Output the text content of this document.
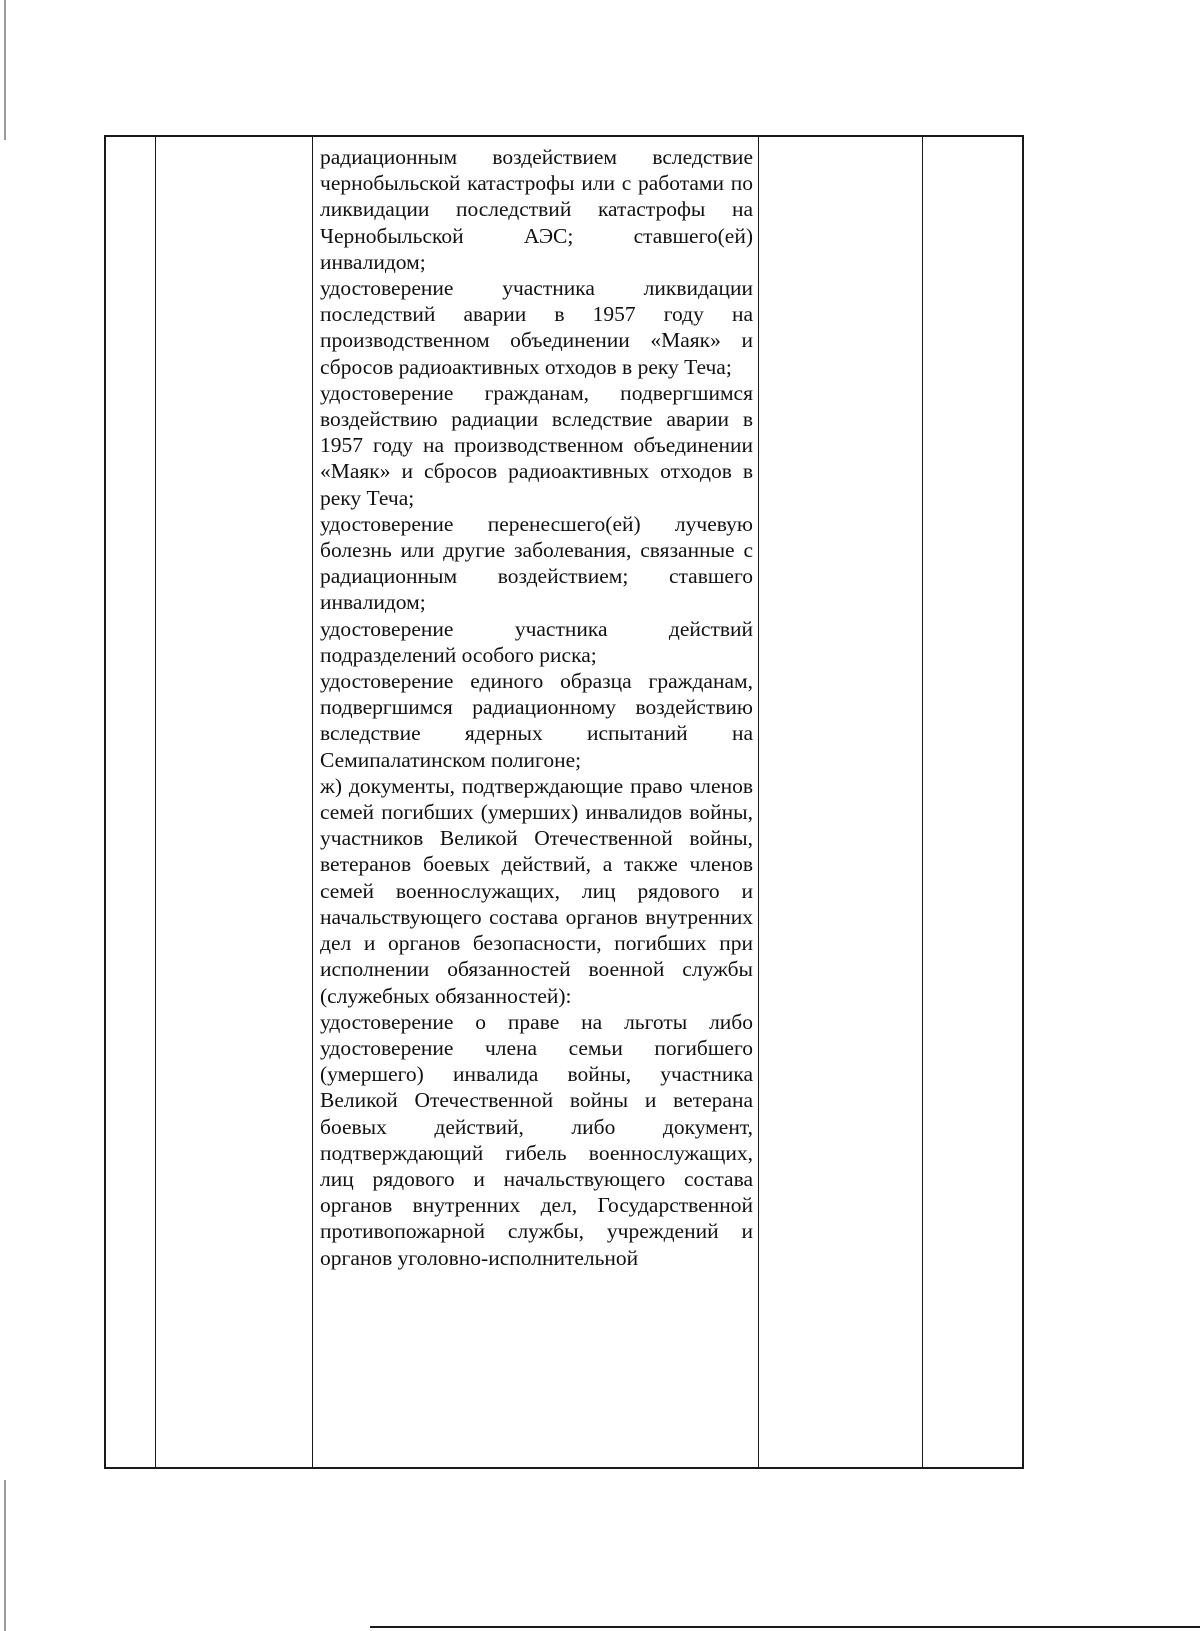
радиационным воздействием вследствие чернобыльской катастрофы или с работами по ликвидации последствий катастрофы на Чернобыльской АЭС; ставшего(ей) инвалидом;

удостоверение участника ликвидации последствий аварии в 1957 году на производственном объединении «Маяк» и сбросов радиоактивных отходов в реку Теча;

удостоверение гражданам, подвергшимся воздействию радиации вследствие аварии в 1957 году на производственном объединении «Маяк» и сбросов радиоактивных отходов в реку Теча;

удостоверение перенесшего(ей) лучевую болезнь или другие заболевания, связанные с радиационным воздействием; ставшего инвалидом;

удостоверение участника действий подразделений особого риска;

удостоверение единого образца гражданам, подвергшимся радиационному воздействию вследствие ядерных испытаний на Семипалатинском полигоне;

ж) документы, подтверждающие право членов семей погибших (умерших) инвалидов войны, участников Великой Отечественной войны, ветеранов боевых действий, а также членов семей военнослужащих, лиц рядового и начальствующего состава органов внутренних дел и органов безопасности, погибших при исполнении обязанностей военной службы (служебных обязанностей):

удостоверение о праве на льготы либо удостоверение члена семьи погибшего (умершего) инвалида войны, участника Великой Отечественной войны и ветерана боевых действий, либо документ, подтверждающий гибель военнослужащих, лиц рядового и начальствующего состава органов внутренних дел, Государственной противопожарной службы, учреждений и органов уголовно-исполнительной
